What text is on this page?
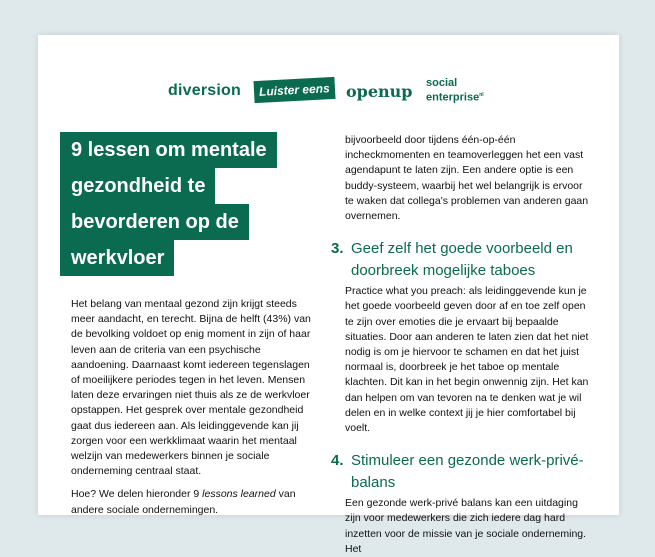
diversion	Luister eens openup social
enterprise$^{nl}$
9 lessen om mentale
gezondheid te
bevorderen op de
werkvloer

Het belang van mentaal gezond zijn krijgt steeds meer aandacht, en terecht. Bijna de helft (43%) van de bevolking voldoet op enig moment in zijn of haar leven aan de criteria van een psychische aandoening. Daarnaast komt iedereen tegenslagen of moeilijkere periodes tegen in het leven. Mensen laten deze ervaringen niet thuis als ze de werkvloer opstappen. Het gesprek over mentale gezondheid gaat dus iedereen aan. Als leidinggevende kan jij zorgen voor een werkklimaat waarin het mentaal welzijn van medewerkers binnen je sociale onderneming centraal staat.

Hoe? We delen hieronder 9 lessons learned van andere sociale ondernemingen.

bijvoorbeeld door tijdens één-op-één incheckmomenten en teamoverleggen het een vast agendapunt te laten zijn. Een andere optie is een buddy-systeem, waarbij het wel belangrijk is ervoor te waken dat collega's problemen van anderen gaan overnemen.

3. Geef zelf het goede voorbeeld en doorbreek mogelijke taboes

Practice what you preach: als leidinggevende kun je het goede voorbeeld geven door af en toe zelf open te zijn over emoties die je ervaart bij bepaalde situaties. Door aan anderen te laten zien dat het niet nodig is om je hiervoor te schamen en dat het juist normaal is, doorbreek je het taboe op mentale klachten. Dit kan in het begin onwennig zijn. Het kan dan helpen om van tevoren na te denken wat je wil delen en in welke context jij je hier comfortabel bij voelt.

4. Stimuleer een gezonde werk-privé-balans

Een gezonde werk-privé balans kan een uitdaging zijn voor medewerkers die zich iedere dag hard inzetten voor de missie van je sociale onderneming. Het
